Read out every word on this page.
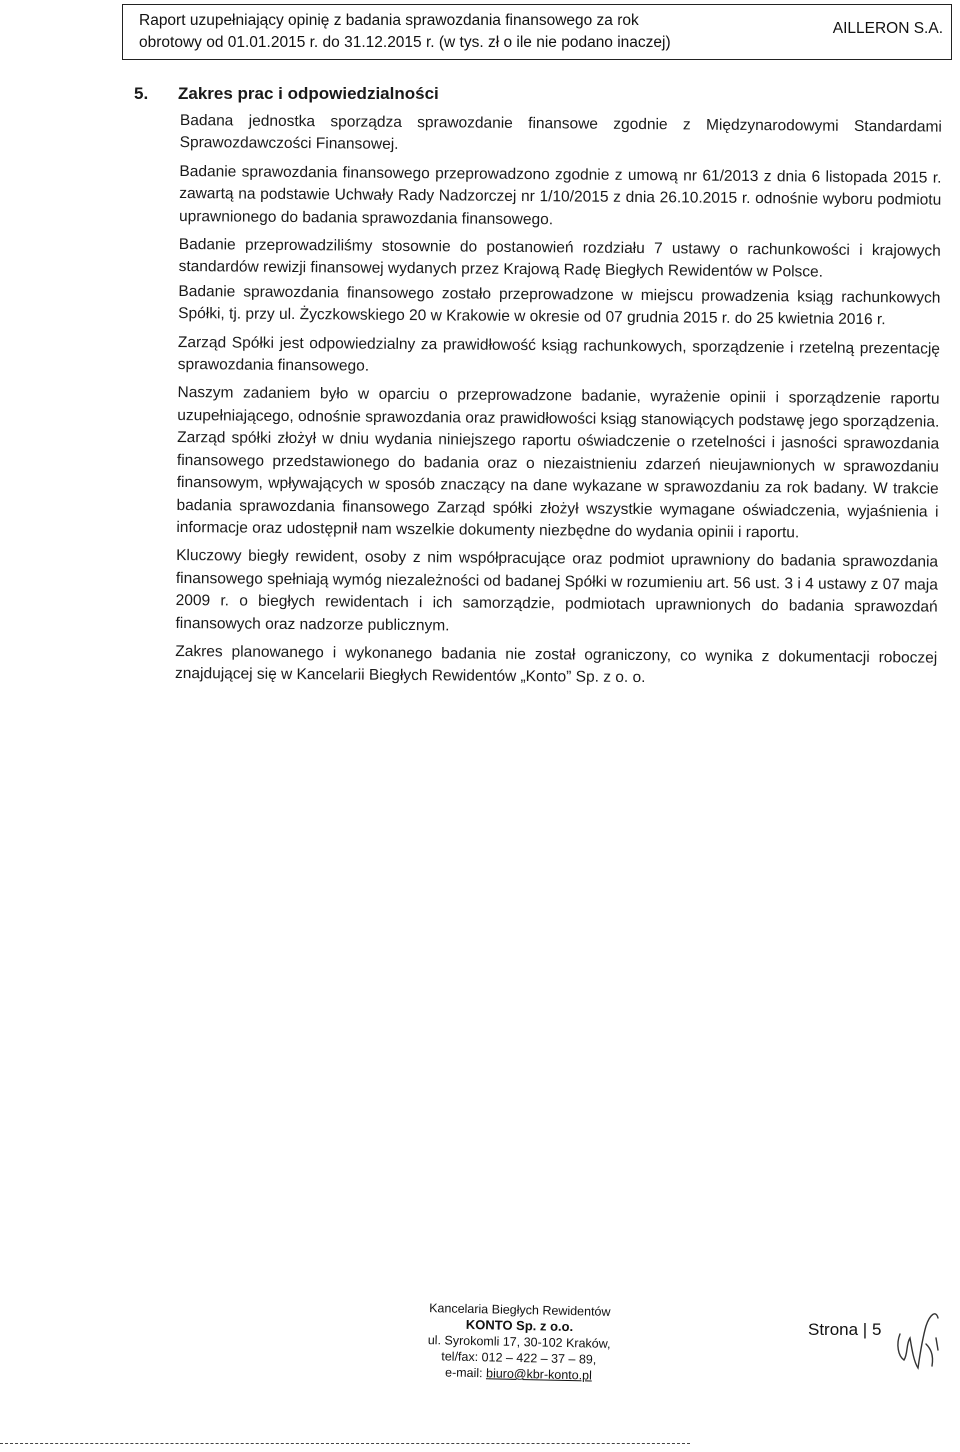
Raport uzupełniający opinię z badania sprawozdania finansowego za rok
obrotowy od 01.01.2015 r. do 31.12.2015 r. (w tys. zł o ile nie podano inaczej)
AILLERON S.A.
5. Zakres prac i odpowiedzialności

Badana jednostka sporządza sprawozdanie finansowe zgodnie z Międzynarodowymi Standardami Sprawozdawczości Finansowej.

Badanie sprawozdania finansowego przeprowadzono zgodnie z umową nr 61/2013 z dnia 6 listopada 2015 r. zawartą na podstawie Uchwały Rady Nadzorczej nr 1/10/2015 z dnia 26.10.2015 r. odnośnie wyboru podmiotu uprawnionego do badania sprawozdania finansowego.

Badanie przeprowadziliśmy stosownie do postanowień rozdziału 7 ustawy o rachunkowości i krajowych standardów rewizji finansowej wydanych przez Krajową Radę Biegłych Rewidentów w Polsce.

Badanie sprawozdania finansowego zostało przeprowadzone w miejscu prowadzenia ksiąg rachunkowych Spółki, tj. przy ul. Życzkowskiego 20 w Krakowie w okresie od 07 grudnia 2015 r. do 25 kwietnia 2016 r.

Zarząd Spółki jest odpowiedzialny za prawidłowość ksiąg rachunkowych, sporządzenie i rzetelną prezentację sprawozdania finansowego.

Naszym zadaniem było w oparciu o przeprowadzone badanie, wyrażenie opinii i sporządzenie raportu uzupełniającego, odnośnie sprawozdania oraz prawidłowości ksiąg stanowiących podstawę jego sporządzenia. Zarząd spółki złożył w dniu wydania niniejszego raportu oświadczenie o rzetelności i jasności sprawozdania finansowego przedstawionego do badania oraz o niezaistnieniu zdarzeń nieujawnionych w sprawozdaniu finansowym, wpływających w sposób znaczący na dane wykazane w sprawozdaniu za rok badany. W trakcie badania sprawozdania finansowego Zarząd spółki złożył wszystkie wymagane oświadczenia, wyjaśnienia i informacje oraz udostępnił nam wszelkie dokumenty niezbędne do wydania opinii i raportu.

Kluczowy biegły rewident, osoby z nim współpracujące oraz podmiot uprawniony do badania sprawozdania finansowego spełniają wymóg niezależności od badanej Spółki w rozumieniu art. 56 ust. 3 i 4 ustawy z 07 maja 2009 r. o biegłych rewidentach i ich samorządzie, podmiotach uprawnionych do badania sprawozdań finansowych oraz nadzorze publicznym.

Zakres planowanego i wykonanego badania nie został ograniczony, co wynika z dokumentacji roboczej znajdującej się w Kancelarii Biegłych Rewidentów „Konto” Sp. z o. o.

Kancelaria Biegłych Rewidentów
KONTO Sp. z o.o.
ul. Syrokomli 17, 30-102 Kraków,
tel/fax: 012 – 422 – 37 – 89,
e-mail: biuro@kbr-konto.pl
Strona | 5
